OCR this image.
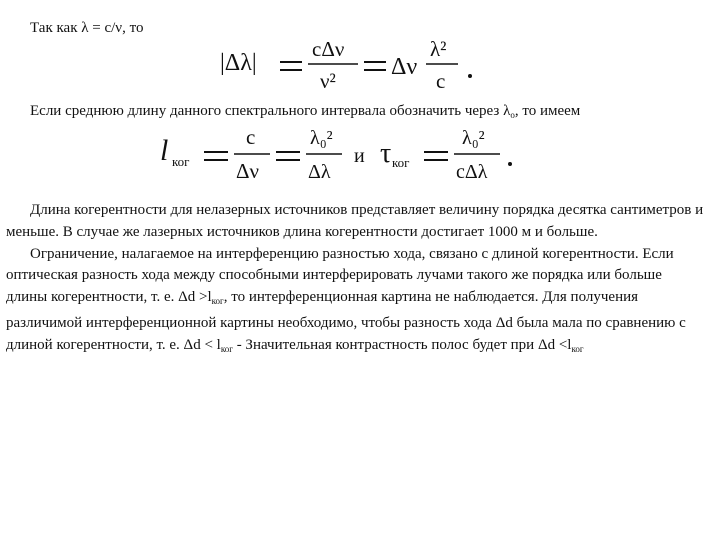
Так как λ = c/ν, то
|Δλ|
cΔν
ν²
Δν
λ²
c
Если среднюю длину данного спектрального интервала обозначить через $\lambda_o$, то имеем
l ког
c
Δν
λ₀²
Δλ
и τ ког
λ₀²
cΔλ
Длина когерентности для нелазерных источников представляет величину порядка десятка сантиметров и меньше. В случае же лазерных источников длина когерентности достигает 1000 м и больше.
Ограничение, налагаемое на интерференцию разностью хода, связано с длиной когерентности. Если оптическая разность хода между способными интерферировать лучами такого же порядка или больше длины когерентности, т. е. $\Delta d >l_{ког}$, то интерференционная картина не наблюдается. Для получения различимой интерференционной картины необходимо, чтобы разность хода Δd была мала по сравнению с длиной когерентности, т. е. $\Delta d < l_{ког}$ - Значительная контрастность полос будет при $\Delta d <l_{ког}$
